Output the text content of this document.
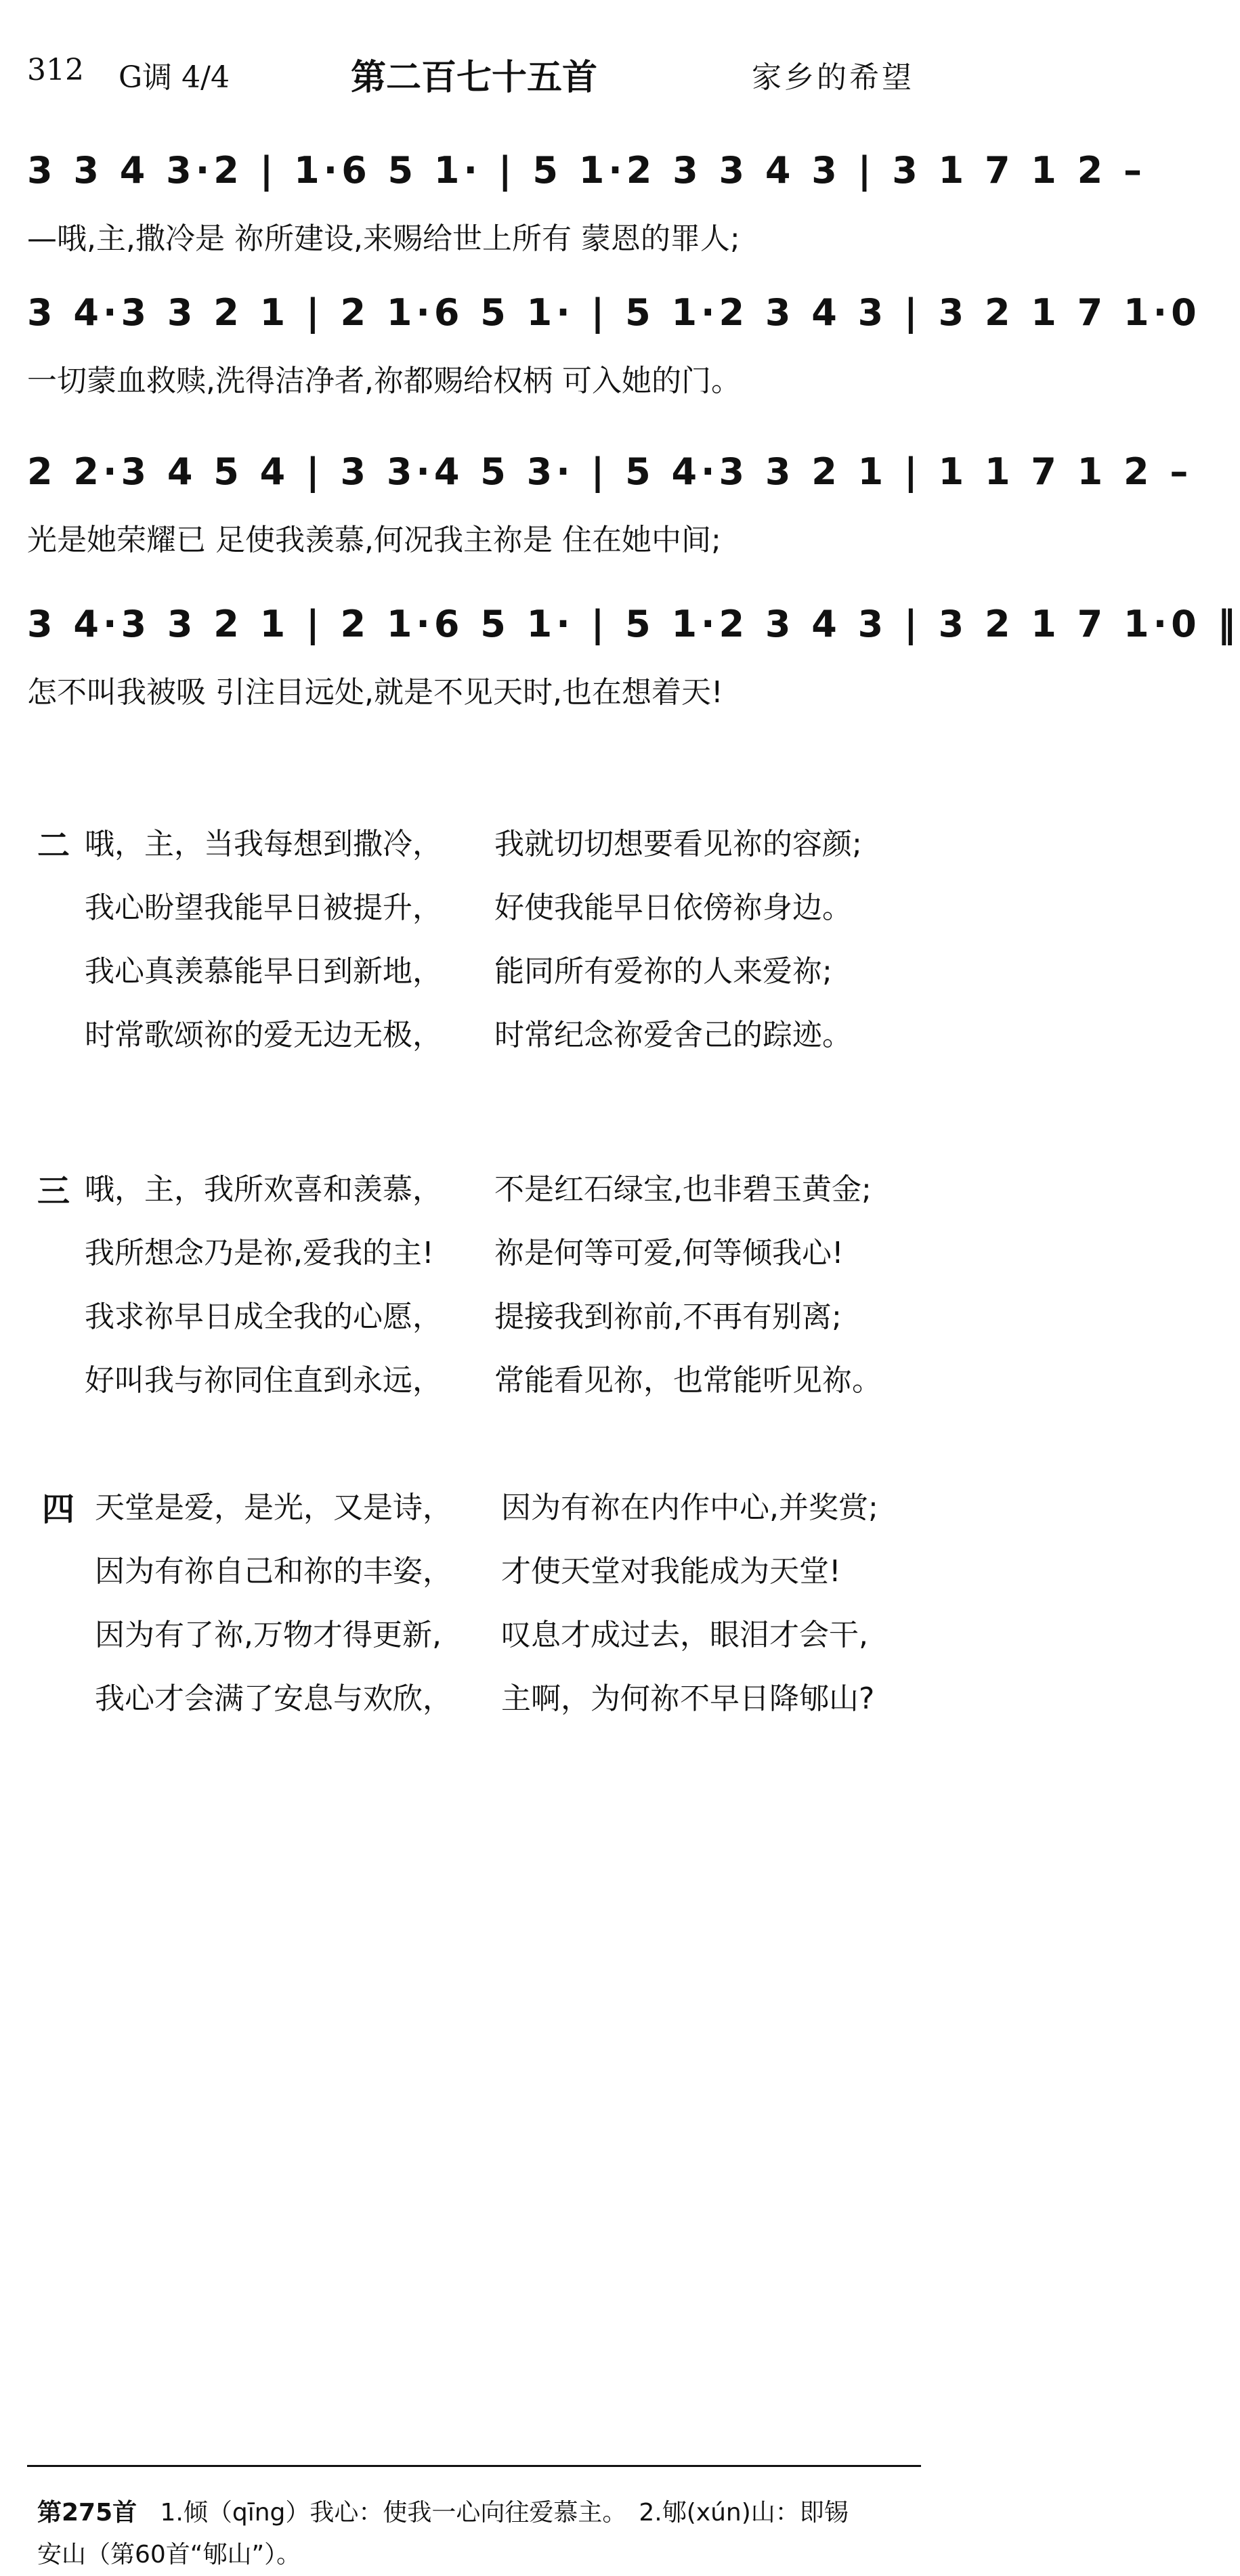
312 G调 4/4	第二百七十五首	家乡的希望
3 3 4 3·2 | 1·6 5 1· | 5 1·2 3 3 4 3 | 3 1 7 1 2 –
—哦,主,撒冷是 祢所建设,来赐给世上所有 蒙恩的罪人;
3 4·3 3 2 1 | 2 1·6 5 1· | 5 1·2 3 4 3 | 3 2 1 7 1·0
一切蒙血救赎,洗得洁净者,祢都赐给权柄 可入她的门。
2 2·3 4 5 4 | 3 3·4 5 3· | 5 4·3 3 2 1 | 1 1 7 1 2 –
光是她荣耀已 足使我羡慕,何况我主祢是 住在她中间;
3 4·3 3 2 1 | 2 1·6 5 1· | 5 1·2 3 4 3 | 3 2 1 7 1·0 ‖
怎不叫我被吸 引注目远处,就是不见天时,也在想着天!
二 哦，主，当我每想到撒冷， 我就切切想要看见祢的容颜;
我心盼望我能早日被提升， 好使我能早日依傍祢身边。
我心真羡慕能早日到新地， 能同所有爱祢的人来爱祢;
时常歌颂祢的爱无边无极， 时常纪念祢爱舍己的踪迹。
三 哦，主，我所欢喜和羡慕， 不是红石绿宝,也非碧玉黄金;
我所想念乃是祢,爱我的主! 祢是何等可爱,何等倾我心!
我求祢早日成全我的心愿， 提接我到祢前,不再有别离;
好叫我与祢同住直到永远， 常能看见祢，也常能听见祢。
四 天堂是爱，是光，又是诗， 因为有祢在内作中心,并奖赏;
因为有祢自己和祢的丰姿， 才使天堂对我能成为天堂!
因为有了祢,万物才得更新, 叹息才成过去，眼泪才会干,
我心才会满了安息与欢欣， 主啊，为何祢不早日降郇山?
第275首 1.倾（qīng）我心：使我一心向往爱慕主。　2.郇(xún)山：即锡
安山（第60首“郇山”）。
